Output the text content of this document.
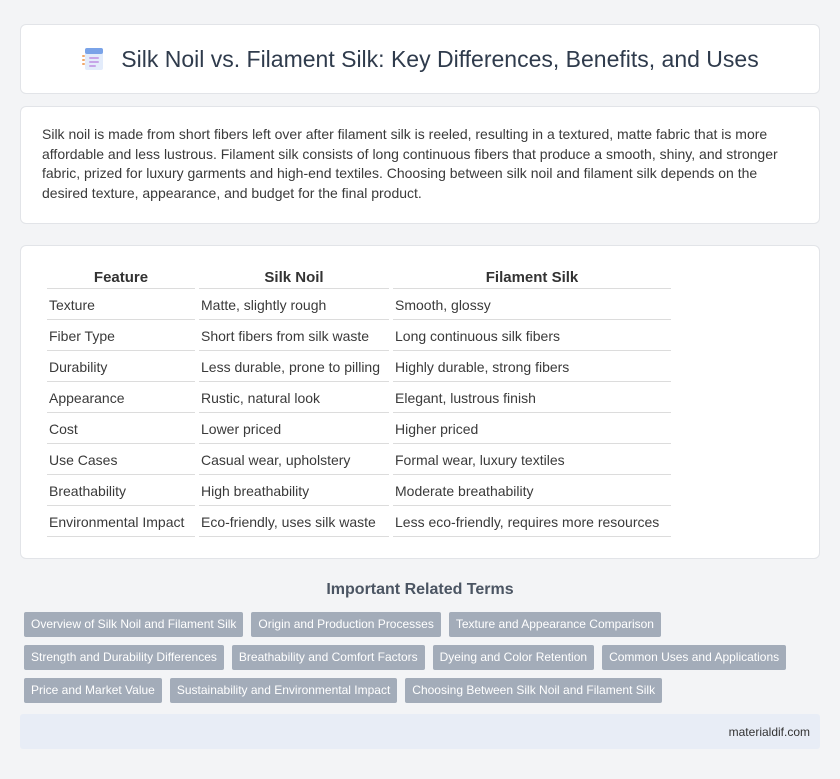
Silk Noil vs. Filament Silk: Key Differences, Benefits, and Uses

Silk noil is made from short fibers left over after filament silk is reeled, resulting in a textured, matte fabric that is more affordable and less lustrous. Filament silk consists of long continuous fibers that produce a smooth, shiny, and stronger fabric, prized for luxury garments and high-end textiles. Choosing between silk noil and filament silk depends on the desired texture, appearance, and budget for the final product.

Feature	Silk Noil	Filament Silk
Texture	Matte, slightly rough	Smooth, glossy
Fiber Type	Short fibers from silk waste	Long continuous silk fibers
Durability	Less durable, prone to pilling	Highly durable, strong fibers
Appearance	Rustic, natural look	Elegant, lustrous finish
Cost	Lower priced	Higher priced
Use Cases	Casual wear, upholstery	Formal wear, luxury textiles
Breathability	High breathability	Moderate breathability
Environmental Impact	Eco-friendly, uses silk waste	Less eco-friendly, requires more resources
Important Related Terms
Overview of Silk Noil and Filament Silk	Origin and Production Processes	Texture and Appearance Comparison
Strength and Durability Differences	Breathability and Comfort Factors	Dyeing and Color Retention	Common Uses and Applications
Price and Market Value	Sustainability and Environmental Impact	Choosing Between Silk Noil and Filament Silk
materialdif.com
